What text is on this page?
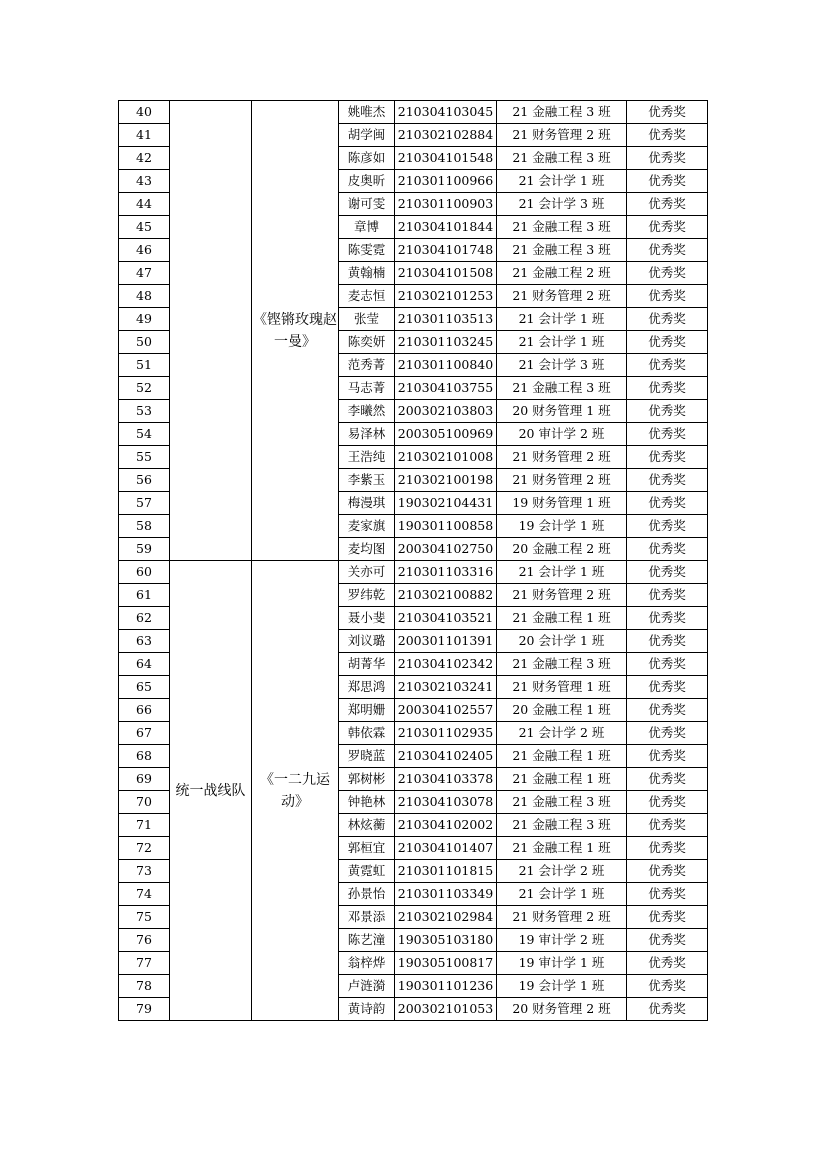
40		《铿锵玫瑰赵一曼》	姚唯杰	210304103045	21 金融工程 3 班	优秀奖
41			胡学闽	210302102884	21 财务管理 2 班	优秀奖
42			陈彦如	210304101548	21 金融工程 3 班	优秀奖
43			皮奥昕	210301100966	21 会计学 1 班	优秀奖
44			谢可雯	210301100903	21 会计学 3 班	优秀奖
45			章博	210304101844	21 金融工程 3 班	优秀奖
46			陈雯霓	210304101748	21 金融工程 3 班	优秀奖
47			黄翰楠	210304101508	21 金融工程 2 班	优秀奖
48			麦志恒	210302101253	21 财务管理 2 班	优秀奖
49			张莹	210301103513	21 会计学 1 班	优秀奖
50			陈奕妍	210301103245	21 会计学 1 班	优秀奖
51			范秀菁	210301100840	21 会计学 3 班	优秀奖
52			马志菁	210304103755	21 金融工程 3 班	优秀奖
53			李曦然	200302103803	20 财务管理 1 班	优秀奖
54			易泽林	200305100969	20 审计学 2 班	优秀奖
55			王浩纯	210302101008	21 财务管理 2 班	优秀奖
56			李紫玉	210302100198	21 财务管理 2 班	优秀奖
57			梅漫琪	190302104431	19 财务管理 1 班	优秀奖
58			麦家旗	190301100858	19 会计学 1 班	优秀奖
59			麦均图	200304102750	20 金融工程 2 班	优秀奖
60	统一战线队	《一二九运动》	关亦可	210301103316	21 会计学 1 班	优秀奖
61			罗纬乾	210302100882	21 财务管理 2 班	优秀奖
62			聂小斐	210304103521	21 金融工程 1 班	优秀奖
63			刘议璐	200301101391	20 会计学 1 班	优秀奖
64			胡菁华	210304102342	21 金融工程 3 班	优秀奖
65			郑思鸿	210302103241	21 财务管理 1 班	优秀奖
66			郑明姗	200304102557	20 金融工程 1 班	优秀奖
67			韩依霖	210301102935	21 会计学 2 班	优秀奖
68			罗晓蓝	210304102405	21 金融工程 1 班	优秀奖
69			郭树彬	210304103378	21 金融工程 1 班	优秀奖
70			钟艳林	210304103078	21 金融工程 3 班	优秀奖
71			林炫蘅	210304102002	21 金融工程 3 班	优秀奖
72			郭桓宜	210304101407	21 金融工程 1 班	优秀奖
73			黄霓虹	210301101815	21 会计学 2 班	优秀奖
74			孙景怡	210301103349	21 会计学 1 班	优秀奖
75			邓景添	210302102984	21 财务管理 2 班	优秀奖
76			陈艺潼	190305103180	19 审计学 2 班	优秀奖
77			翁梓烨	190305100817	19 审计学 1 班	优秀奖
78			卢涟漪	190301101236	19 会计学 1 班	优秀奖
79			黄诗韵	200302101053	20 财务管理 2 班	优秀奖
